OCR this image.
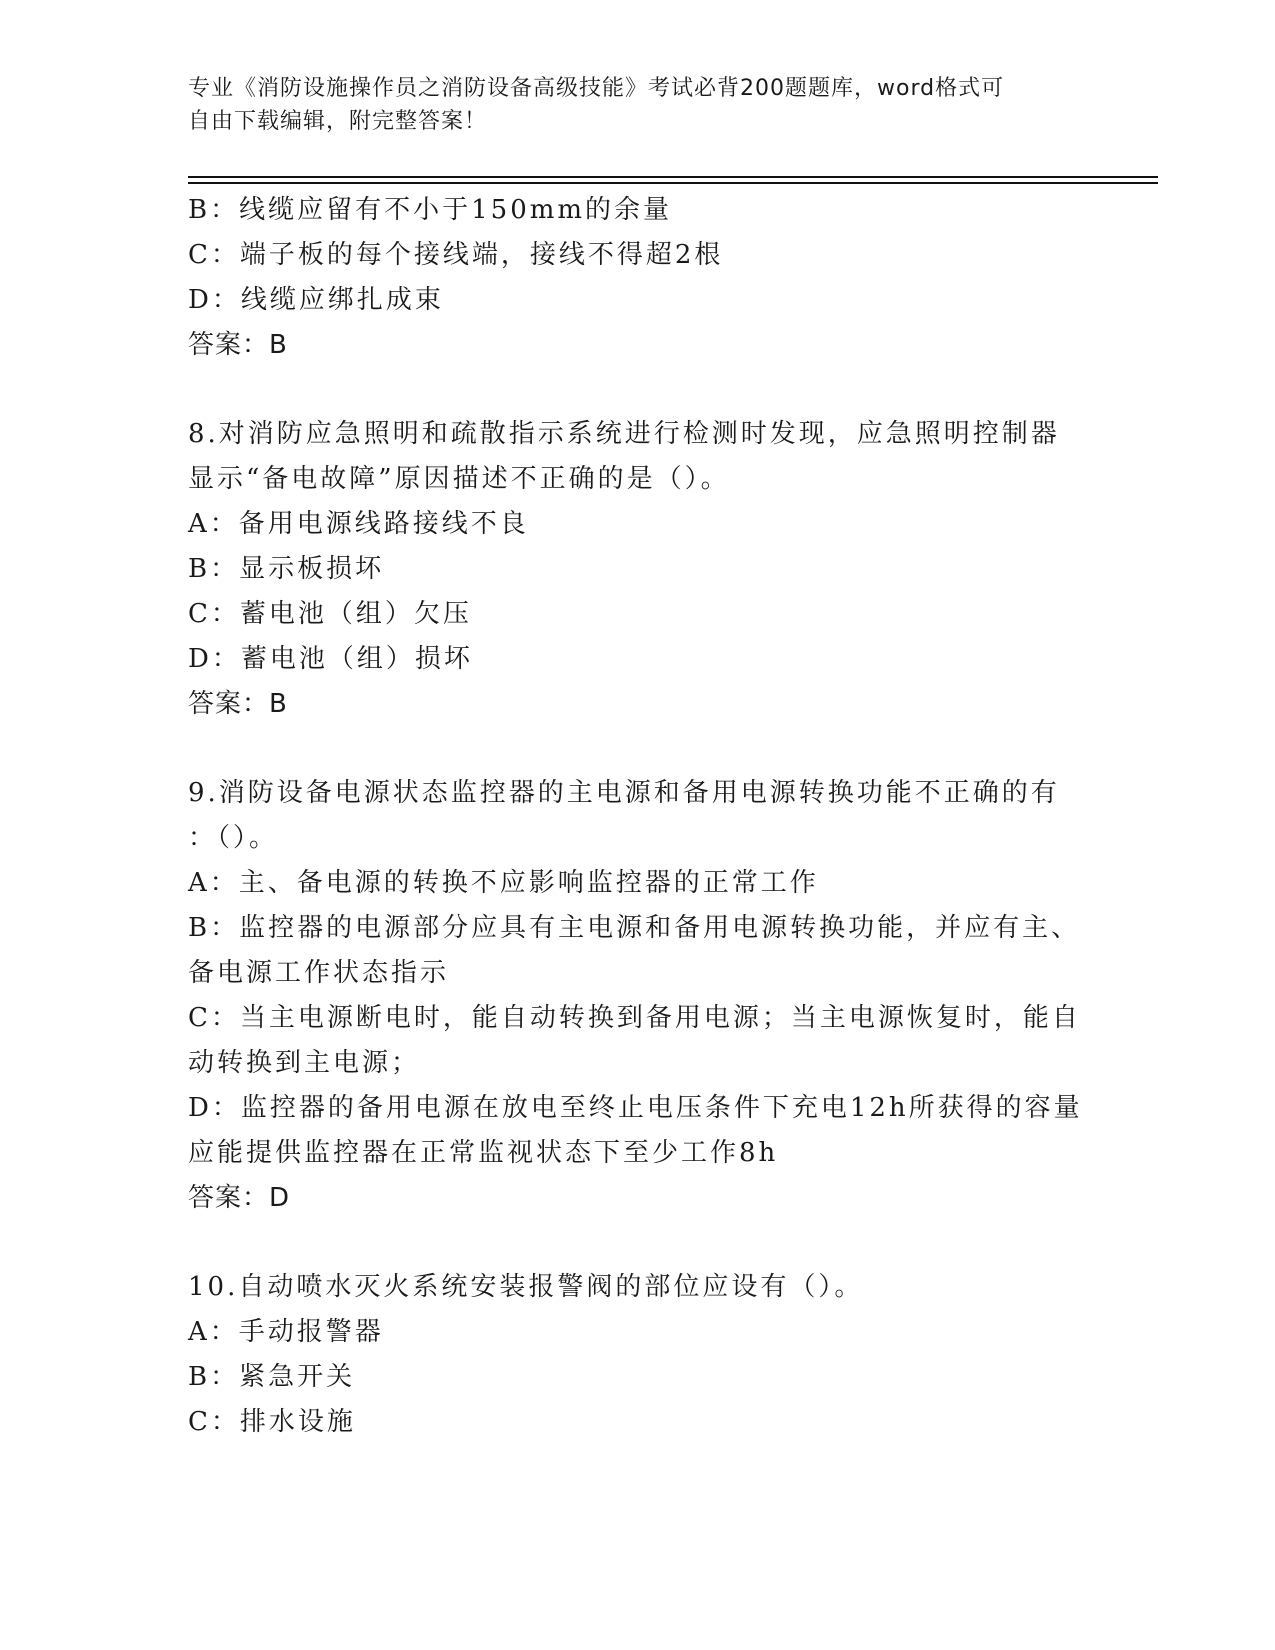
专业《消防设施操作员之消防设备高级技能》考试必背200题题库，word格式可

自由下载编辑，附完整答案！

B：线缆应留有不小于150mm的余量

C：端子板的每个接线端，接线不得超2根

D：线缆应绑扎成束

答案：B

8.对消防应急照明和疏散指示系统进行检测时发现，应急照明控制器

显示“备电故障”原因描述不正确的是（）。

A：备用电源线路接线不良

B：显示板损坏

C：蓄电池（组）欠压

D：蓄电池（组）损坏

答案：B

9.消防设备电源状态监控器的主电源和备用电源转换功能不正确的有

：（）。

A：主、备电源的转换不应影响监控器的正常工作

B：监控器的电源部分应具有主电源和备用电源转换功能，并应有主、

备电源工作状态指示

C：当主电源断电时，能自动转换到备用电源；当主电源恢复时，能自

动转换到主电源；

D：监控器的备用电源在放电至终止电压条件下充电12h所获得的容量

应能提供监控器在正常监视状态下至少工作8h

答案：D

10.自动喷水灭火系统安装报警阀的部位应设有（）。

A：手动报警器

B：紧急开关

C：排水设施
